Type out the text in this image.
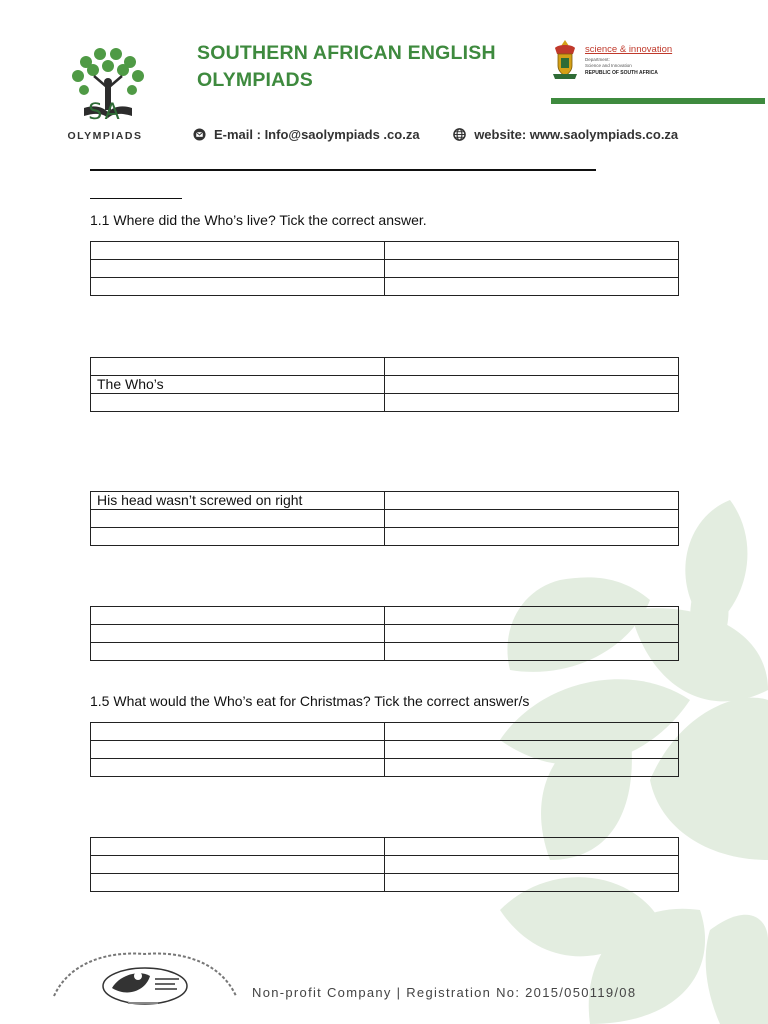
SA
OLYMPIADS
SOUTHERN AFRICAN ENGLISH
OLYMPIADS
science & innovation
Department:
Science and Innovation
REPUBLIC OF SOUTH AFRICA
E-mail : Info@saolympiads .co.za
	website: www.saolympiads.co.za
1.1 Where did the Who’s live? Tick the correct answer.

The Who’s	

His head wasn’t screwed on right	

1.5 What would the Who’s eat for Christmas? Tick the correct answer/s

Non-profit Company | Registration No: 2015/050119/08
